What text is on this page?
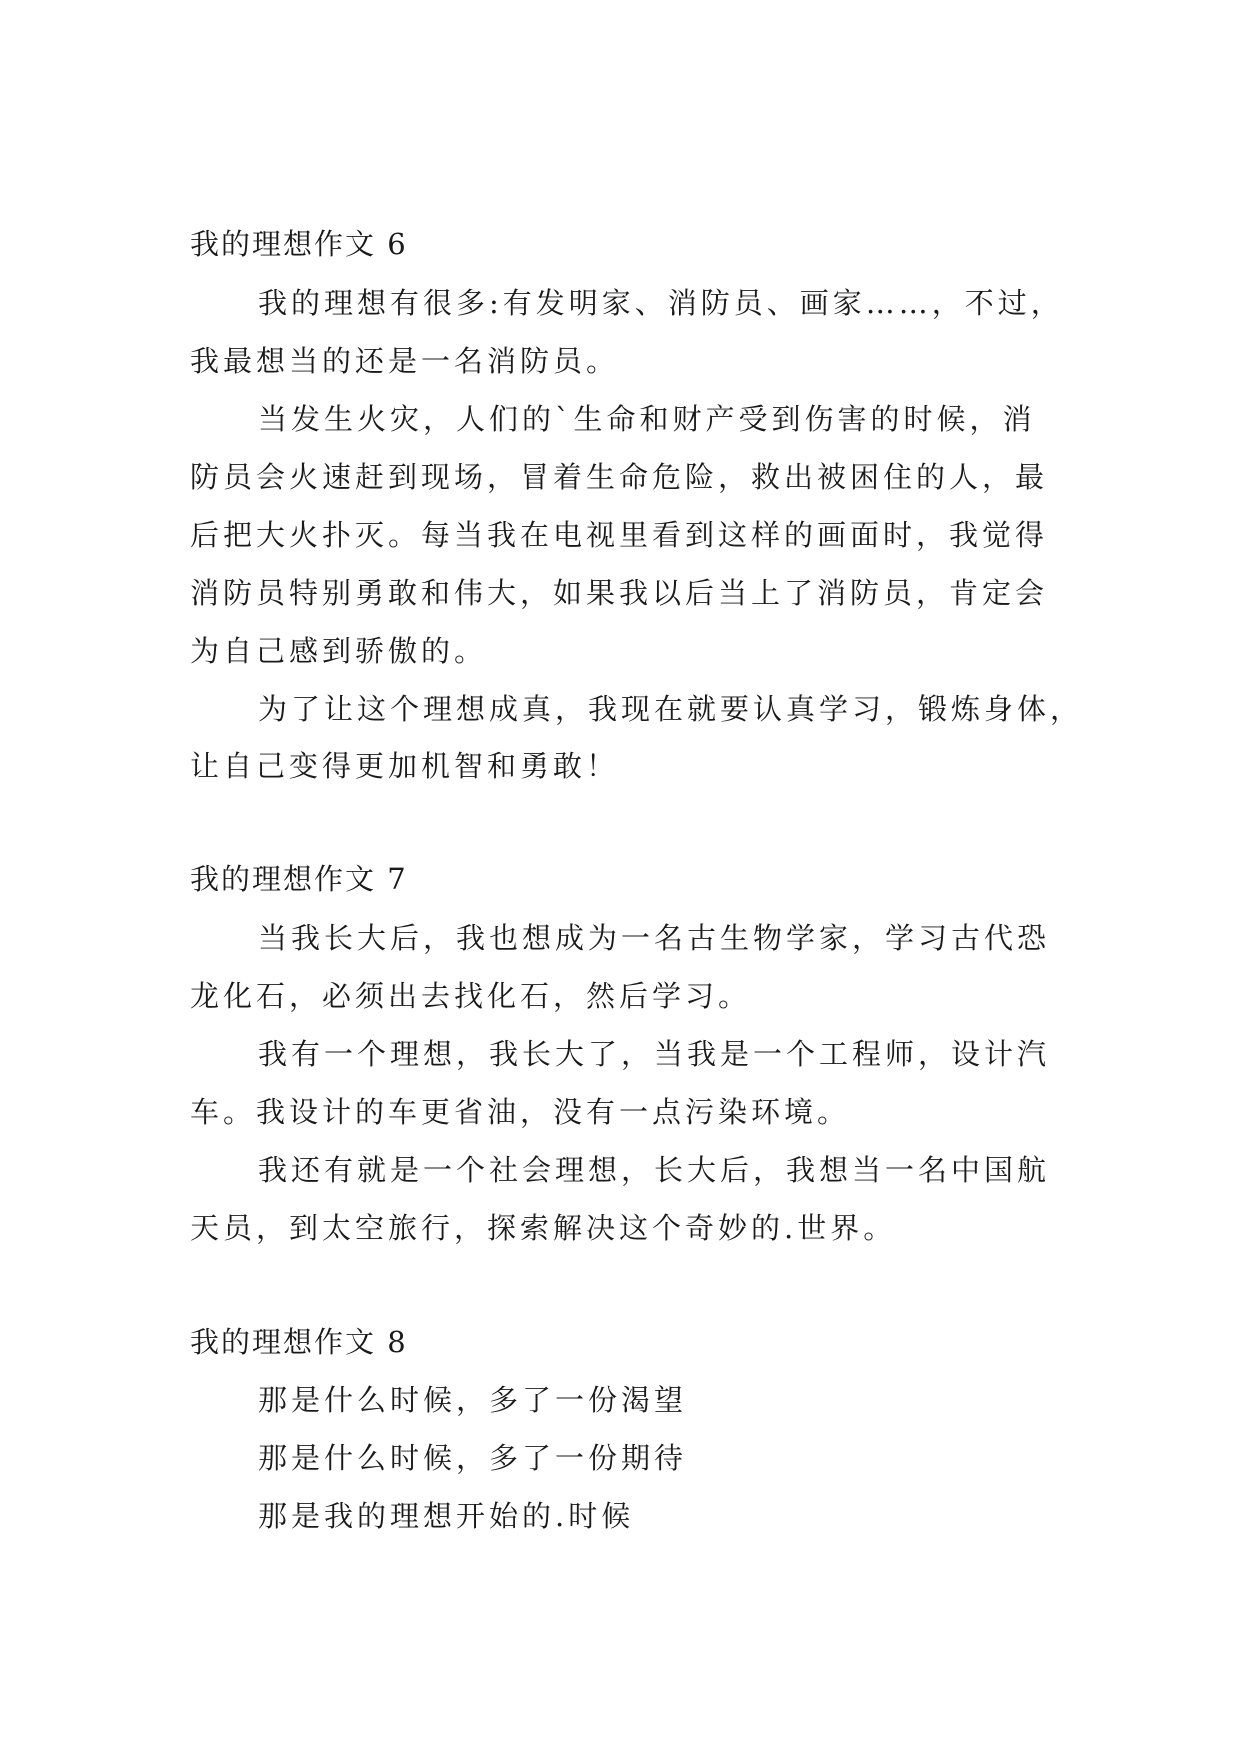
我的理想作文 6

我的理想有很多:有发明家、消防员、画家……，不过，

我最想当的还是一名消防员。

当发生火灾，人们的`生命和财产受到伤害的时候，消

防员会火速赶到现场，冒着生命危险，救出被困住的人，最

后把大火扑灭。每当我在电视里看到这样的画面时，我觉得

消防员特别勇敢和伟大，如果我以后当上了消防员，肯定会

为自己感到骄傲的。

为了让这个理想成真，我现在就要认真学习，锻炼身体，

让自己变得更加机智和勇敢！

我的理想作文 7

当我长大后，我也想成为一名古生物学家，学习古代恐

龙化石，必须出去找化石，然后学习。

我有一个理想，我长大了，当我是一个工程师，设计汽

车。我设计的车更省油，没有一点污染环境。

我还有就是一个社会理想，长大后，我想当一名中国航

天员，到太空旅行，探索解决这个奇妙的.世界。

我的理想作文 8

那是什么时候，多了一份渴望

那是什么时候，多了一份期待

那是我的理想开始的.时候
